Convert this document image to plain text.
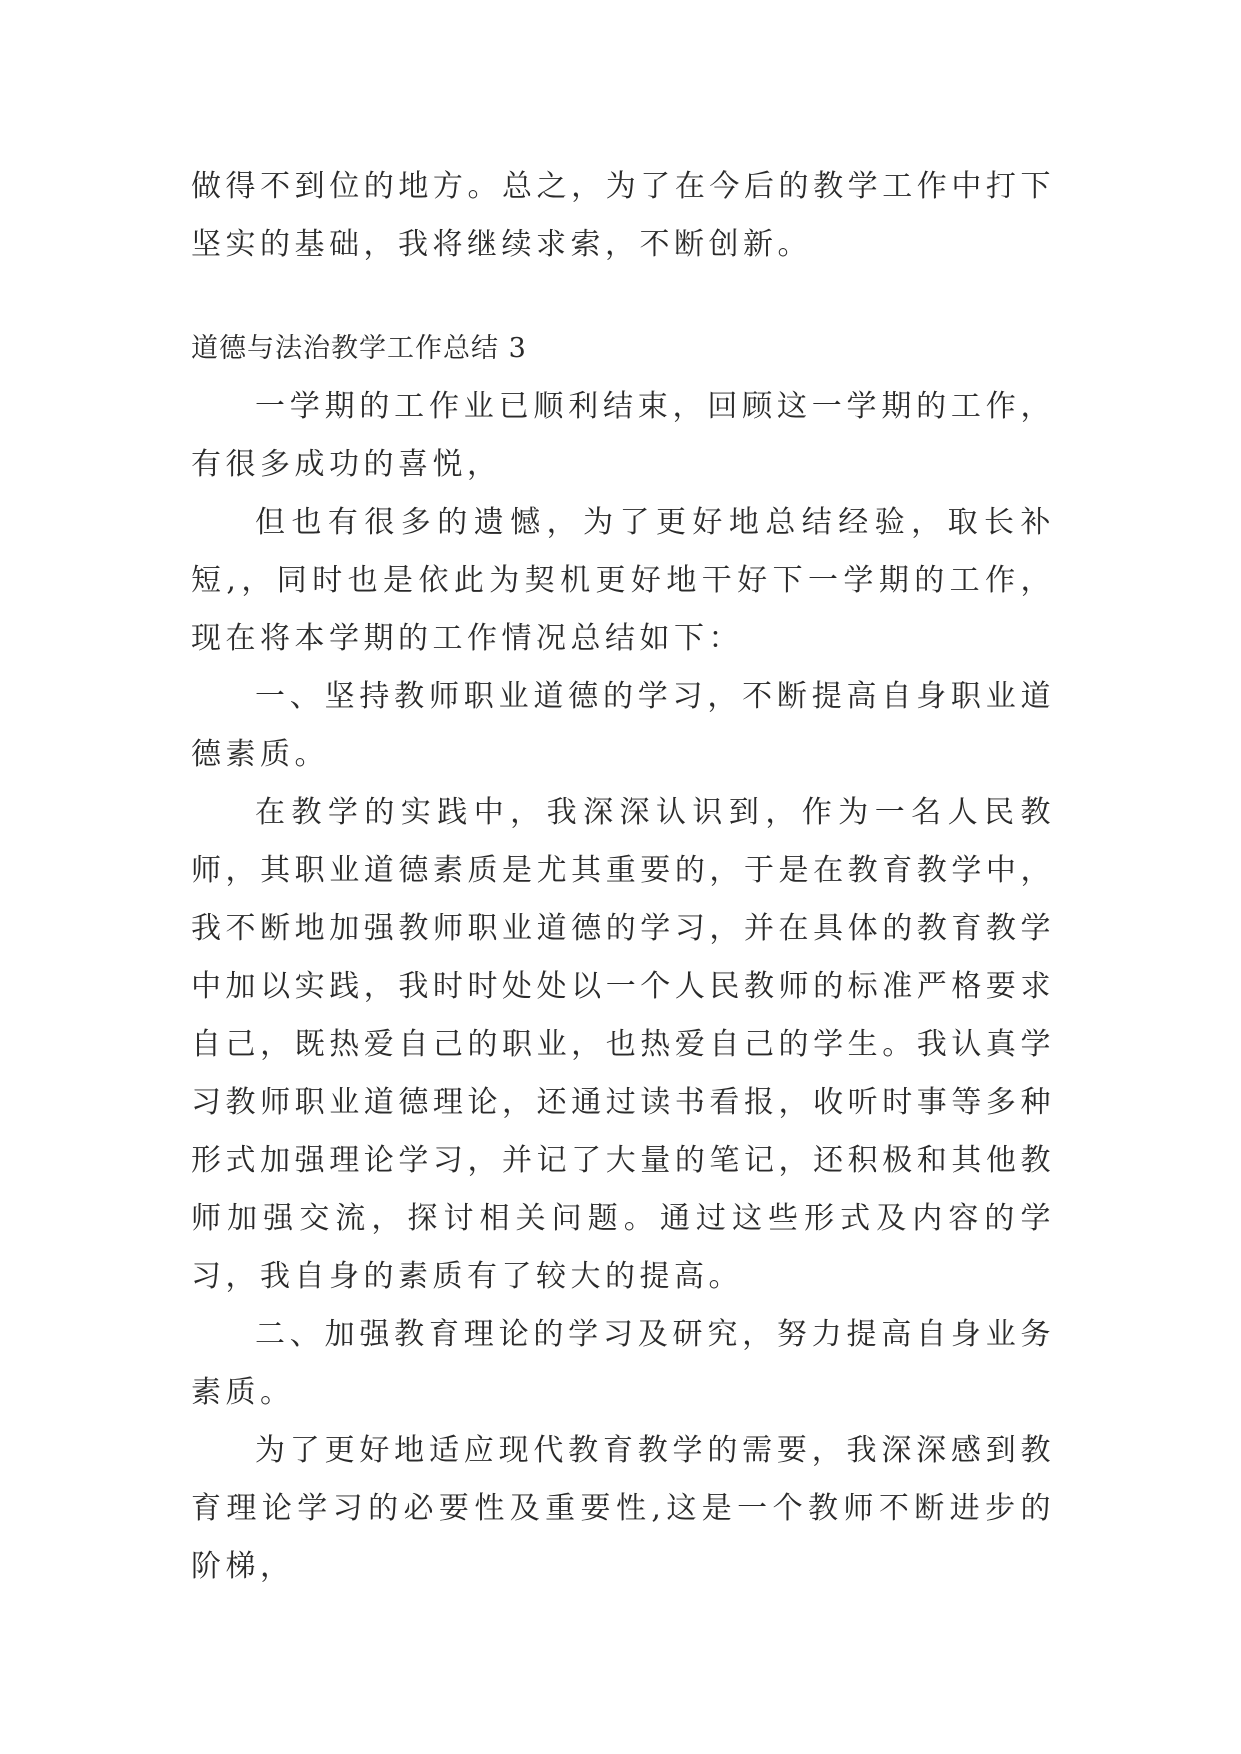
做得不到位的地方。总之，为了在今后的教学工作中打下坚实的基础，我将继续求索，不断创新。

道德与法治教学工作总结 3

一学期的工作业已顺利结束，回顾这一学期的工作，有很多成功的喜悦，

但也有很多的遗憾，为了更好地总结经验，取长补短,，同时也是依此为契机更好地干好下一学期的工作，现在将本学期的工作情况总结如下：

一、坚持教师职业道德的学习，不断提高自身职业道德素质。

在教学的实践中，我深深认识到，作为一名人民教师，其职业道德素质是尤其重要的，于是在教育教学中，我不断地加强教师职业道德的学习，并在具体的教育教学中加以实践，我时时处处以一个人民教师的标准严格要求自己，既热爱自己的职业，也热爱自己的学生。我认真学习教师职业道德理论，还通过读书看报，收听时事等多种形式加强理论学习，并记了大量的笔记，还积极和其他教师加强交流，探讨相关问题。通过这些形式及内容的学习，我自身的素质有了较大的提高。

二、加强教育理论的学习及研究，努力提高自身业务素质。

为了更好地适应现代教育教学的需要，我深深感到教育理论学习的必要性及重要性,这是一个教师不断进步的阶梯，
